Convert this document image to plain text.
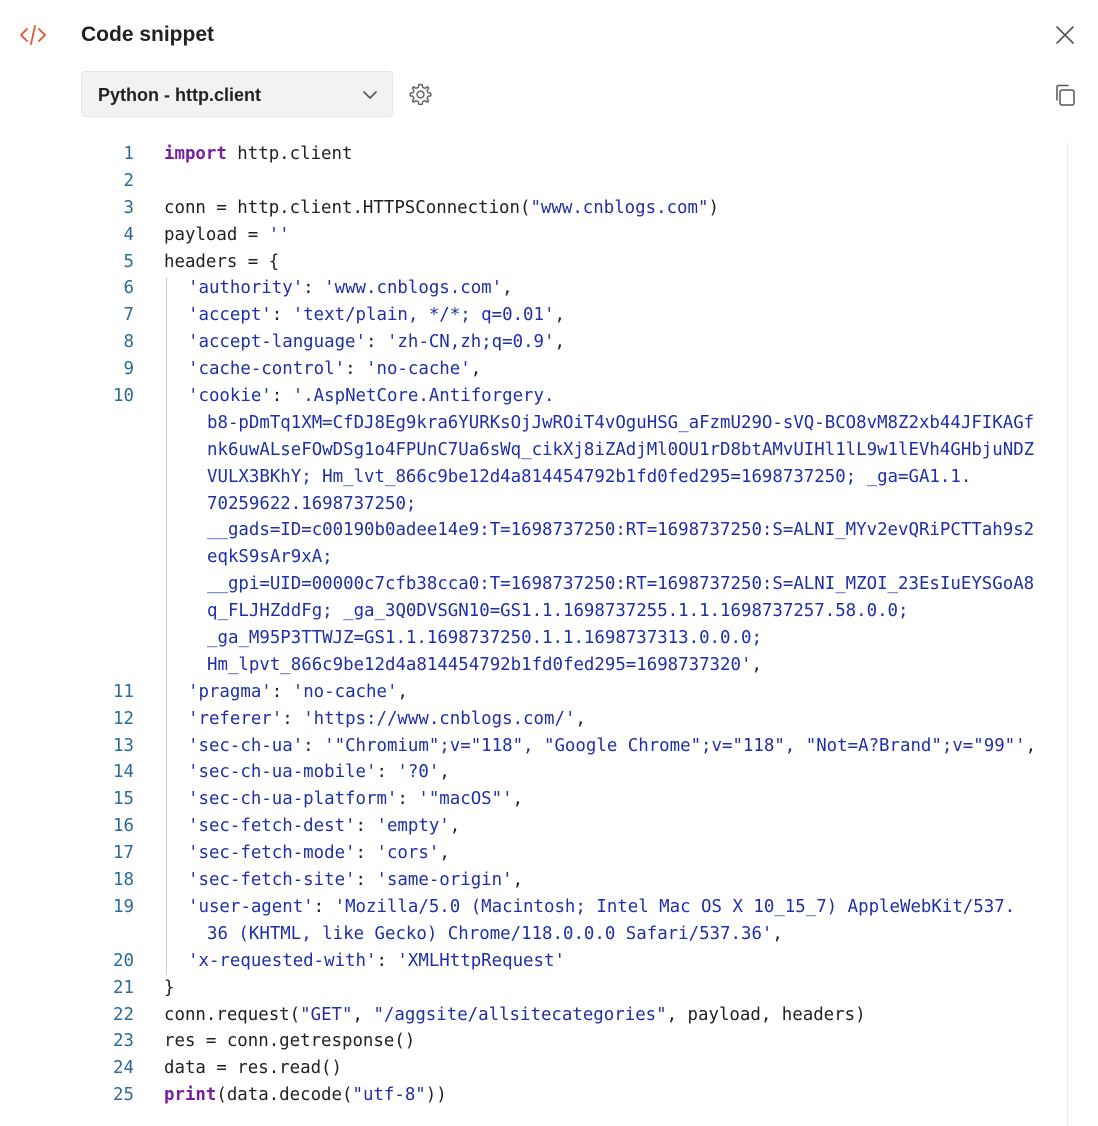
Code snippet
Python - http.client
1 import http.client
2
3 conn = http.client.HTTPSConnection("www.cnblogs.com")
4 payload = ''
5 headers = {
6	'authority': 'www.cnblogs.com',
7	'accept': 'text/plain, */*; q=0.01',
8	'accept-language': 'zh-CN,zh;q=0.9',
9	'cache-control': 'no-cache',
10	'cookie': '.AspNetCore.Antiforgery.
b8-pDmTq1XM=CfDJ8Eg9kra6YURKsOjJwROiT4vOguHSG_aFzmU29O-sVQ-BCO8vM8Z2xb44JFIKAGf
nk6uwALseFOwDSg1o4FPUnC7Ua6sWq_cikXj8iZAdjMl0OU1rD8btAMvUIHl1lL9w1lEVh4GHbjuNDZ
VULX3BKhY; Hm_lvt_866c9be12d4a814454792b1fd0fed295=1698737250; _ga=GA1.1.
70259622.1698737250;
__gads=ID=c00190b0adee14e9:T=1698737250:RT=1698737250:S=ALNI_MYv2evQRiPCTTah9s2
eqkS9sAr9xA;
__gpi=UID=00000c7cfb38cca0:T=1698737250:RT=1698737250:S=ALNI_MZOI_23EsIuEYSGoA8
q_FLJHZddFg; _ga_3Q0DVSGN10=GS1.1.1698737255.1.1.1698737257.58.0.0;
_ga_M95P3TTWJZ=GS1.1.1698737250.1.1.1698737313.0.0.0;
Hm_lpvt_866c9be12d4a814454792b1fd0fed295=1698737320',
11	'pragma': 'no-cache',
12	'referer': 'https://www.cnblogs.com/',
13	'sec-ch-ua': '"Chromium";v="118", "Google Chrome";v="118", "Not=A?Brand";v="99"',
14	'sec-ch-ua-mobile': '?0',
15	'sec-ch-ua-platform': '"macOS"',
16	'sec-fetch-dest': 'empty',
17	'sec-fetch-mode': 'cors',
18	'sec-fetch-site': 'same-origin',
19	'user-agent': 'Mozilla/5.0 (Macintosh; Intel Mac OS X 10_15_7) AppleWebKit/537.
36 (KHTML, like Gecko) Chrome/118.0.0.0 Safari/537.36',
20	'x-requested-with': 'XMLHttpRequest'
21 }
22 conn.request("GET", "/aggsite/allsitecategories", payload, headers)
23 res = conn.getresponse()
24 data = res.read()
25 print(data.decode("utf-8"))
